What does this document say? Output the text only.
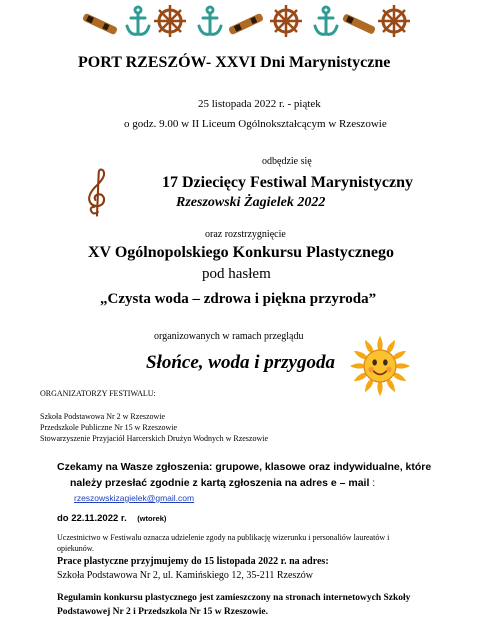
PORT RZESZÓW- XXVI Dni Marynistyczne
25 listopada 2022 r. - piątek
o godz. 9.00 w II Liceum Ogólnokształcącym w Rzeszowie
odbędzie się
17 Dziecięcy Festiwal Marynistyczny
Rzeszowski Żagielek 2022
oraz rozstrzygnięcie
XV Ogólnopolskiego Konkursu Plastycznego
pod hasłem
„Czysta woda – zdrowa i piękna przyroda”
organizowanych w ramach przeglądu
Słońce, woda i przygoda
ORGANIZATORZY FESTIWALU:
Szkoła Podstawowa Nr 2 w Rzeszowie
Przedszkole Publiczne Nr 15 w Rzeszowie
Stowarzyszenie Przyjaciół Harcerskich Drużyn Wodnych w Rzeszowie
Czekamy na Wasze zgłoszenia: grupowe, klasowe oraz indywidualne, które
należy przesłać zgodnie z kartą zgłoszenia na adres e – mail :
rzeszowskizagielek@gmail.com
do 22.11.2022 r. (wtorek)
Uczestnictwo w Festiwalu oznacza udzielenie zgody na publikację wizerunku i personaliów laureatów i
opiekunów.
Prace plastyczne przyjmujemy do 15 listopada 2022 r. na adres:
Szkoła Podstawowa Nr 2, ul. Kamińskiego 12, 35-211 Rzeszów
Regulamin konkursu plastycznego jest zamieszczony na stronach internetowych Szkoły
Podstawowej Nr 2 i Przedszkola Nr 15 w Rzeszowie.
